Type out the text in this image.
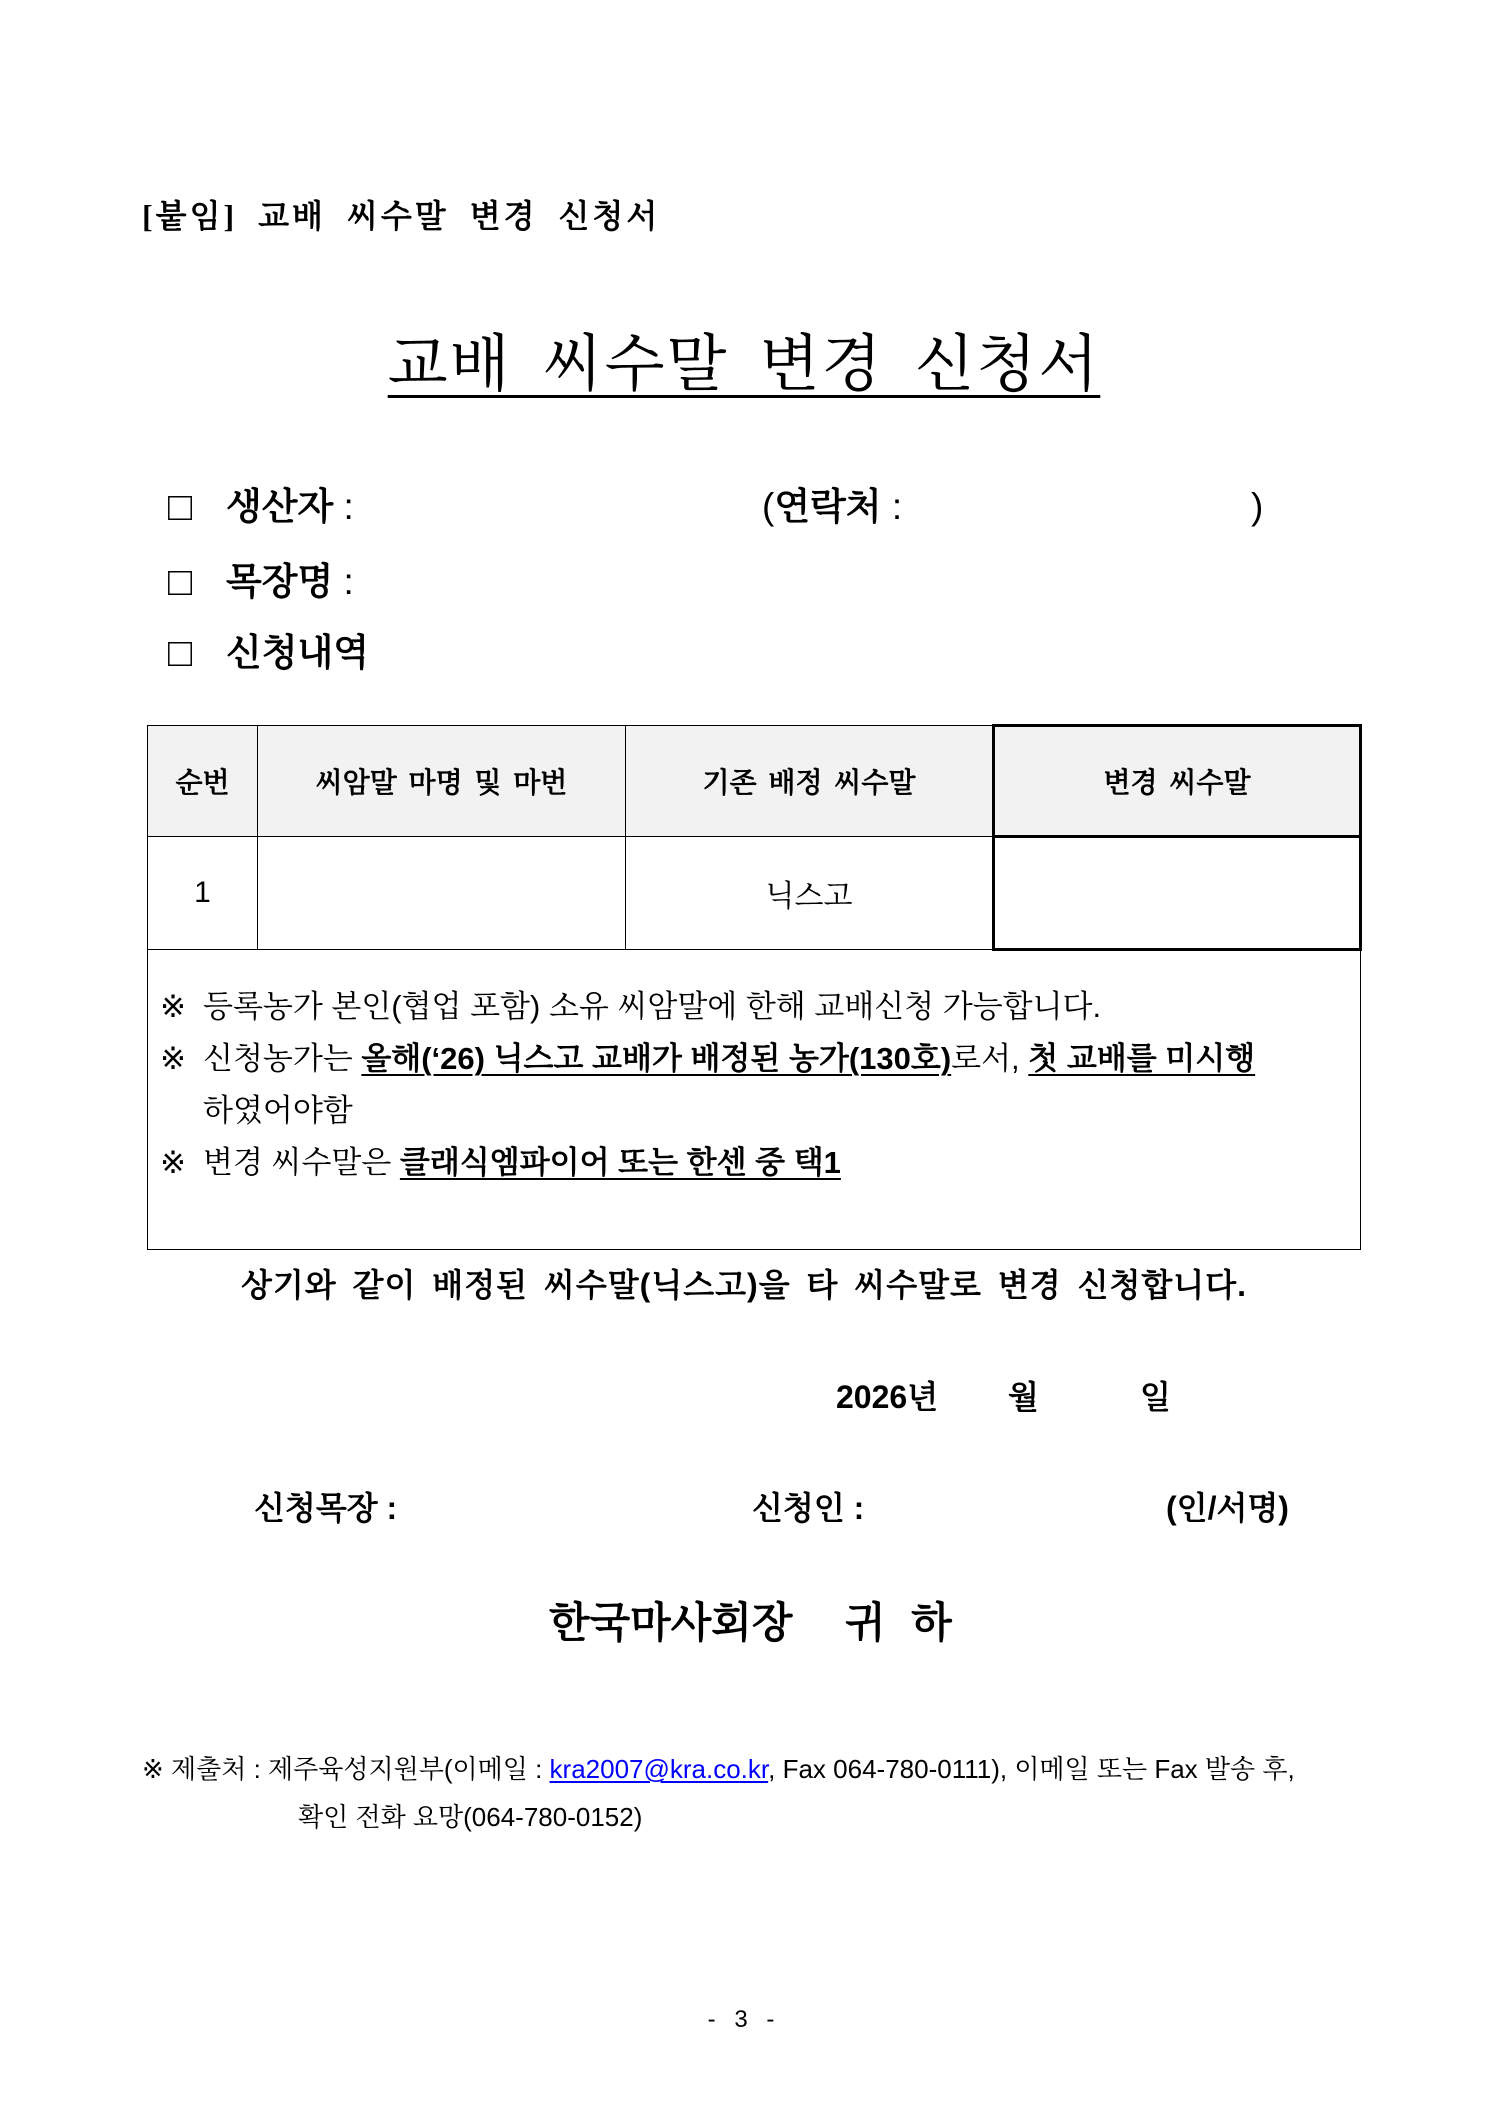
[붙임] 교배 씨수말 변경 신청서
교배 씨수말 변경 신청서
□ 생산자 :	(연락처 :	)
□ 목장명 :
□ 신청내역
순번	씨암말 마명 및 마번	기존 배정 씨수말	변경 씨수말
1		닉스고	

※ 등록농가 본인(협업 포함) 소유 씨암말에 한해 교배신청 가능합니다.
※ 신청농가는 올해(‘26) 닉스고 교배가 배정된 농가(130호)로서, 첫 교배를 미시행
하였어야함
※ 변경 씨수말은 클래식엠파이어 또는 한센 중 택1			
상기와 같이 배정된 씨수말(닉스고)을 타 씨수말로 변경 신청합니다.
2026년 월	일
신청목장 :	신청인 :	(인/서명)
한국마사회장 귀 하
※ 제출처 : 제주육성지원부(이메일 : kra2007@kra.co.kr, Fax 064-780-0111), 이메일 또는 Fax 발송 후,
확인 전화 요망(064-780-0152)
- 3 -
